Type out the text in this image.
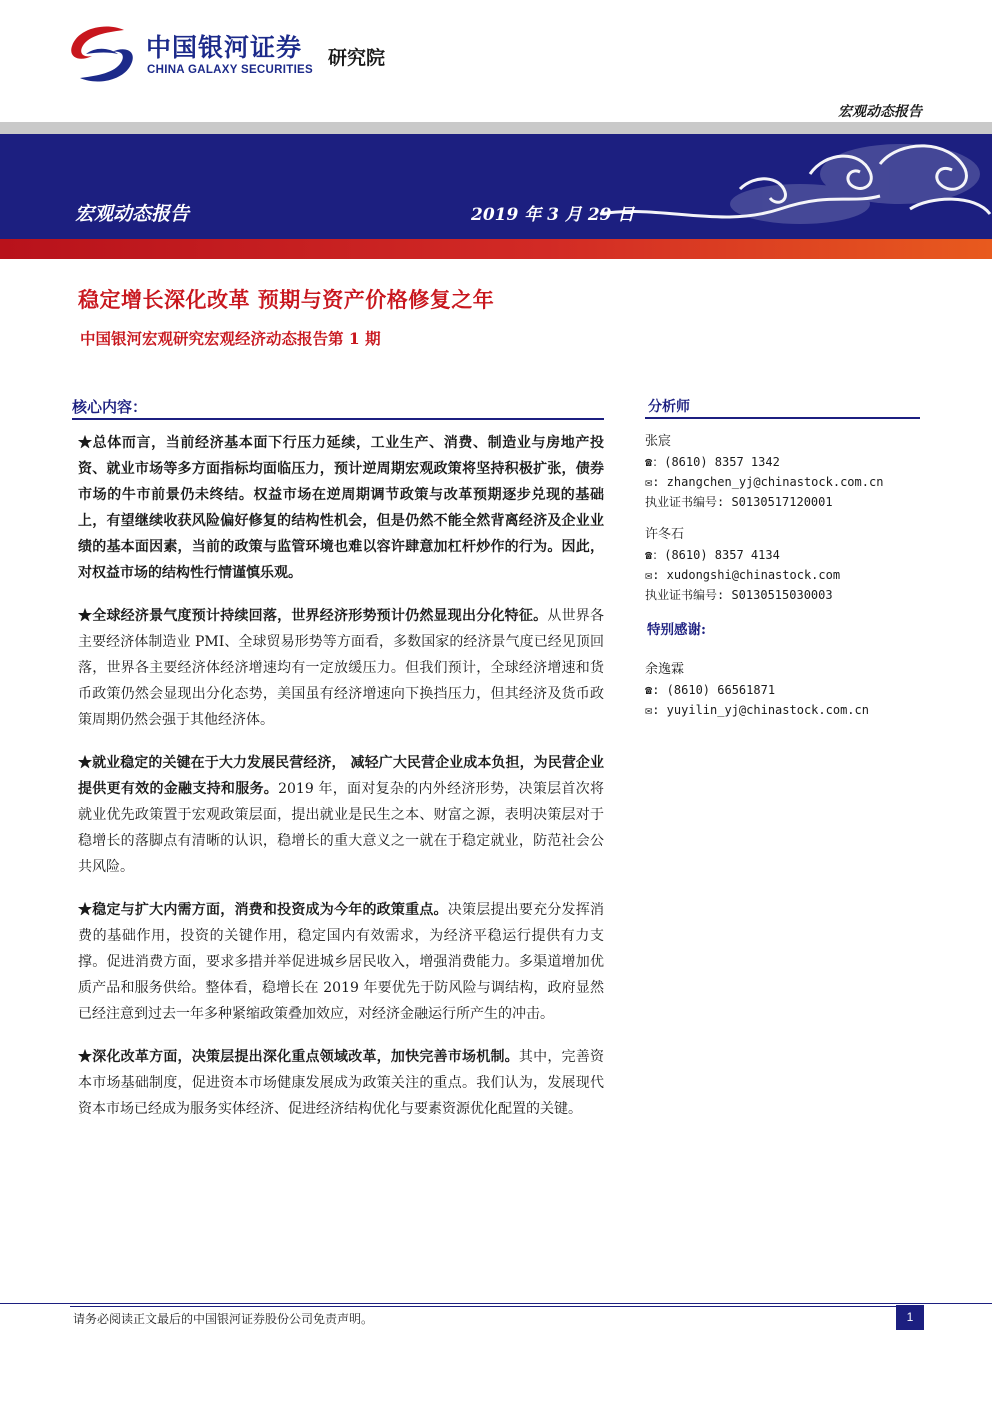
中国银河证券
CHINA GALAXY SECURITIES
研究院
宏观动态报告
宏观动态报告	2019 年 3 月 29 日
稳定增长深化改革 预期与资产价格修复之年
中国银河宏观研究宏观经济动态报告第 1 期
核心内容：

★总体而言，当前经济基本面下行压力延续，工业生产、消费、制造业与房地产投资、就业市场等多方面指标均面临压力，预计逆周期宏观政策将坚持积极扩张，债券市场的牛市前景仍未终结。权益市场在逆周期调节政策与改革预期逐步兑现的基础上，有望继续收获风险偏好修复的结构性机会，但是仍然不能全然背离经济及企业业绩的基本面因素，当前的政策与监管环境也难以容许肆意加杠杆炒作的行为。因此，对权益市场的结构性行情谨慎乐观。

★全球经济景气度预计持续回落，世界经济形势预计仍然显现出分化特征。从世界各主要经济体制造业 PMI、全球贸易形势等方面看，多数国家的经济景气度已经见顶回落，世界各主要经济体经济增速均有一定放缓压力。但我们预计，全球经济增速和货币政策仍然会显现出分化态势，美国虽有经济增速向下换挡压力，但其经济及货币政策周期仍然会强于其他经济体。

★就业稳定的关键在于大力发展民营经济， 减轻广大民营企业成本负担，为民营企业提供更有效的金融支持和服务。2019 年，面对复杂的内外经济形势，决策层首次将就业优先政策置于宏观政策层面，提出就业是民生之本、财富之源，表明决策层对于稳增长的落脚点有清晰的认识，稳增长的重大意义之一就在于稳定就业，防范社会公共风险。

★稳定与扩大内需方面，消费和投资成为今年的政策重点。决策层提出要充分发挥消费的基础作用，投资的关键作用，稳定国内有效需求，为经济平稳运行提供有力支撑。促进消费方面，要求多措并举促进城乡居民收入，增强消费能力。多渠道增加优质产品和服务供给。整体看，稳增长在 2019 年要优先于防风险与调结构，政府显然已经注意到过去一年多种紧缩政策叠加效应，对经济金融运行所产生的冲击。

★深化改革方面，决策层提出深化重点领域改革，加快完善市场机制。其中，完善资本市场基础制度，促进资本市场健康发展成为政策关注的重点。我们认为，发展现代资本市场已经成为服务实体经济、促进经济结构优化与要素资源优化配置的关键。

分析师
张宸
☎：(8610) 8357 1342
✉: zhangchen_yj@chinastock.com.cn
执业证书编号: S0130517120001
许冬石
☎：(8610) 8357 4134
✉: xudongshi@chinastock.com
执业证书编号: S0130515030003
特别感谢:
余逸霖
☎: (8610) 66561871
✉: yuyilin_yj@chinastock.com.cn
请务必阅读正文最后的中国银河证券股份公司免责声明。	1
